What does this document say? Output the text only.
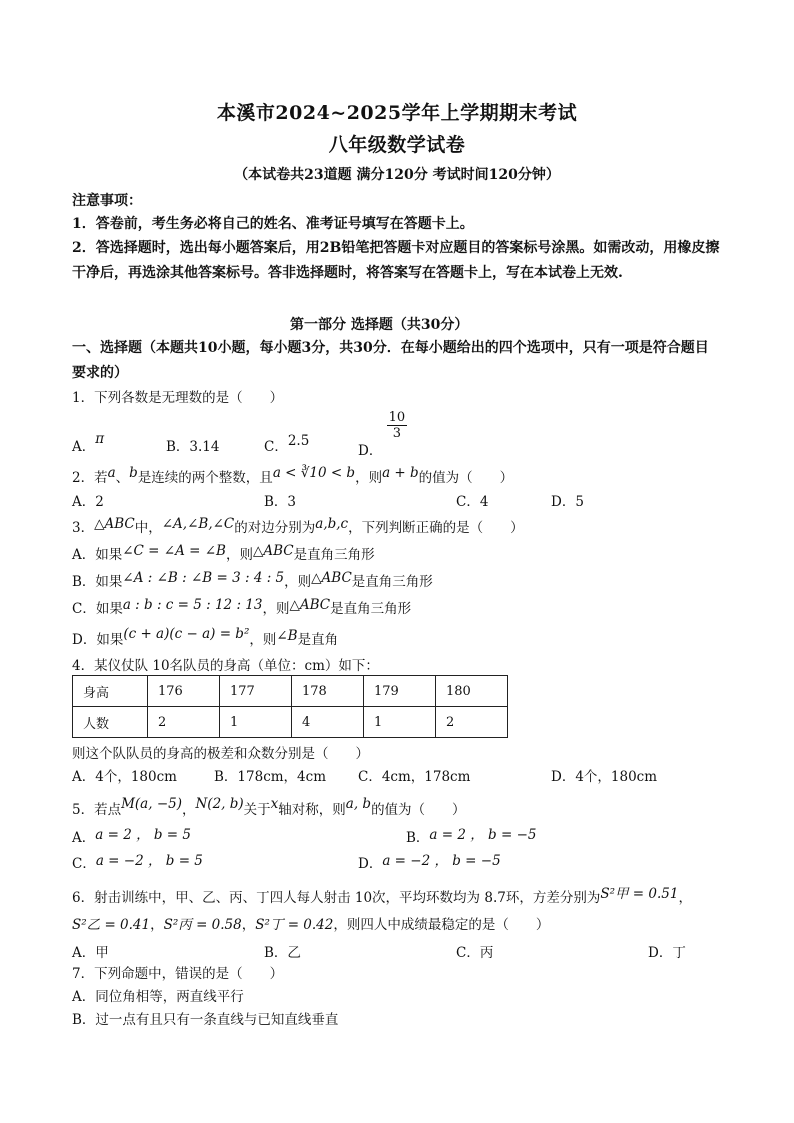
本溪市2024~2025学年上学期期末考试
八年级数学试卷
（本试卷共23道题 满分120分 考试时间120分钟）
注意事项：
1．答卷前，考生务必将自己的姓名、准考证号填写在答题卡上。
2．答选择题时，选出每小题答案后，用2B铅笔把答题卡对应题目的答案标号涂黑。如需改动，用橡皮擦干净后，再选涂其他答案标号。答非选择题时，将答案写在答题卡上，写在本试卷上无效.
第一部分 选择题（共30分）
一、选择题（本题共10小题，每小题3分，共30分．在每小题给出的四个选项中，只有一项是符合题目要求的）
1．下列各数是无理数的是（　　）
A．π	B．3.14	C．2.5̇
D．
$\frac{10}{3}$
2．若a、b是连续的两个整数，且a < ∛10 < b，则a + b的值为（　　）
A．2	B．3	C．4	D．5
3．△ABC中，∠A,∠B,∠C的对边分别为a,b,c，下列判断正确的是（　　）
A．如果∠C = ∠A = ∠B，则△ABC是直角三角形
B．如果∠A : ∠B : ∠B = 3 : 4 : 5，则△ABC是直角三角形
C．如果a : b : c = 5 : 12 : 13，则△ABC是直角三角形
D．如果(c + a)(c − a) = b²，则∠B是直角
4．某仪仗队 10名队员的身高（单位：cm）如下：
身高	176	177	178	179	180
人数	2	1	4	1	2
则这个队队员的身高的极差和众数分别是（　　）
A．4个，180cm	B．178cm，4cm C．4cm，178cm	D．4个，180cm
5．若点M(a, −5)，N(2, b)关于x轴对称，则a, b的值为（　　）
A．a = 2 ， b = 5	B．a = 2 ， b = −5
C．a = −2 ， b = 5	D．a = −2 ， b = −5
6．射击训练中，甲、乙、丙、丁四人每人射击 10次，平均环数均为 8.7环，方差分别为S²甲 = 0.51，
S²乙 = 0.41，S²丙 = 0.58，S²丁 = 0.42，则四人中成绩最稳定的是（　　）
A．甲	B．乙	C．丙	D．丁
7．下列命题中，错误的是（　　）
A．同位角相等，两直线平行
B．过一点有且只有一条直线与已知直线垂直
